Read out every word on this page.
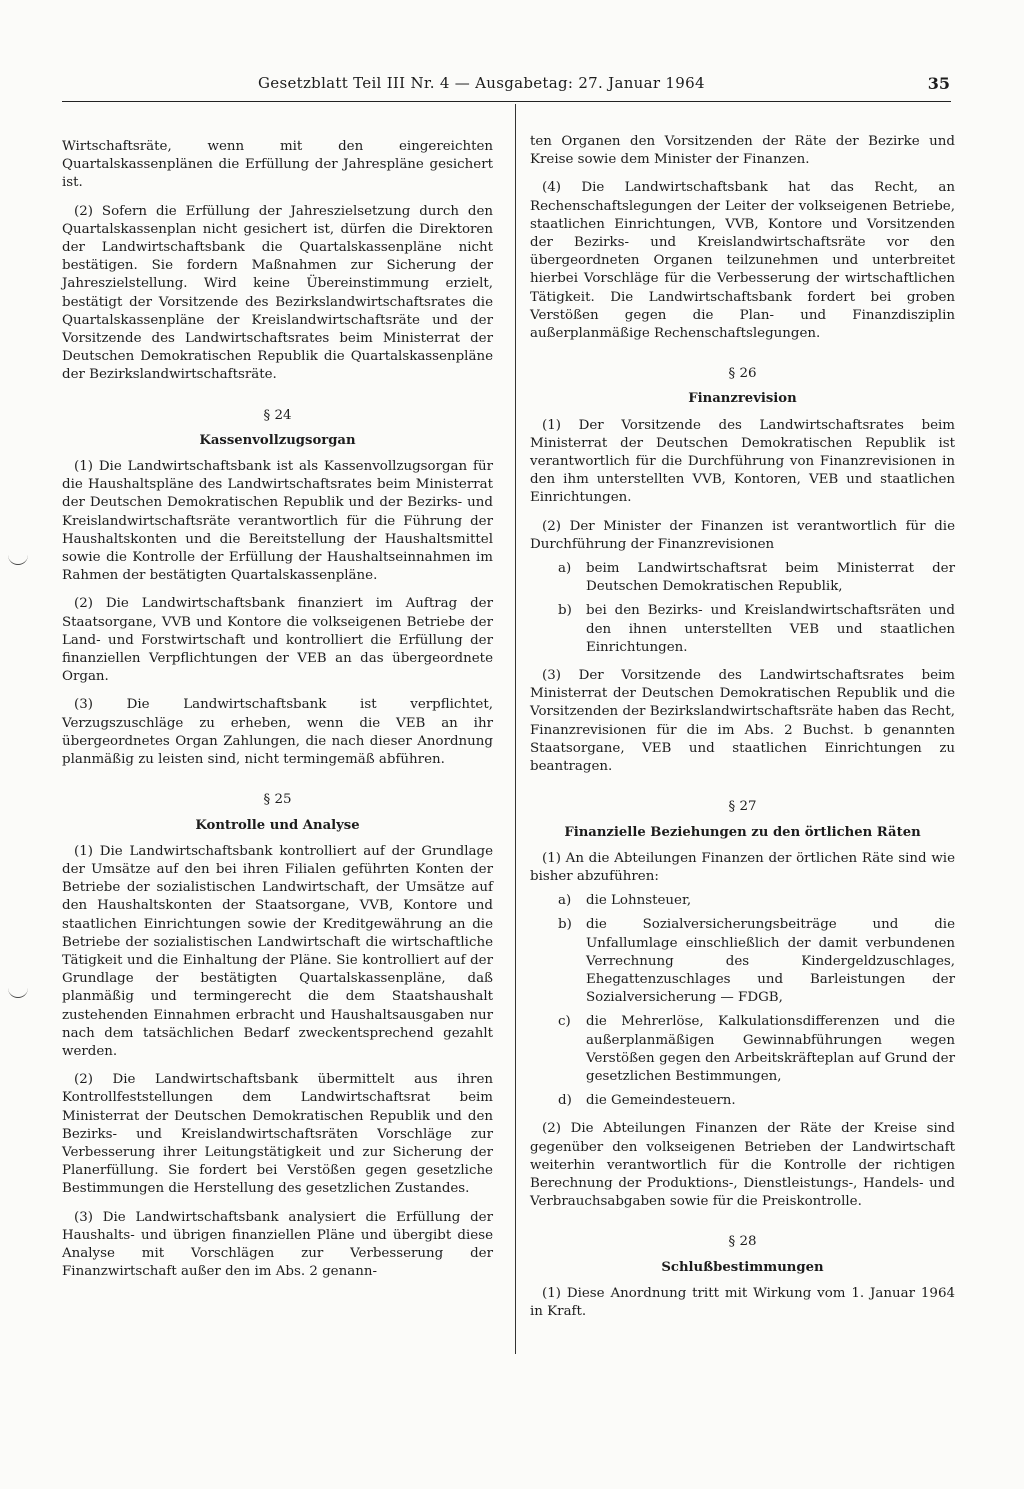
Gesetzblatt Teil III Nr. 4 — Ausgabetag: 27. Januar 1964	35

Wirtschaftsräte, wenn mit den eingereichten Quartalskassenplänen die Erfüllung der Jahrespläne gesichert ist.

(2) Sofern die Erfüllung der Jahreszielsetzung durch den Quartalskassenplan nicht gesichert ist, dürfen die Direktoren der Landwirtschaftsbank die Quartalskassenpläne nicht bestätigen. Sie fordern Maßnahmen zur Sicherung der Jahreszielstellung. Wird keine Übereinstimmung erzielt, bestätigt der Vorsitzende des Bezirkslandwirtschaftsrates die Quartalskassenpläne der Kreislandwirtschaftsräte und der Vorsitzende des Landwirtschaftsrates beim Ministerrat der Deutschen Demokratischen Republik die Quartalskassenpläne der Bezirkslandwirtschaftsräte.

§ 24
Kassenvollzugsorgan

(1) Die Landwirtschaftsbank ist als Kassenvollzugsorgan für die Haushaltspläne des Landwirtschaftsrates beim Ministerrat der Deutschen Demokratischen Republik und der Bezirks- und Kreislandwirtschaftsräte verantwortlich für die Führung der Haushaltskonten und die Bereitstellung der Haushaltsmittel sowie die Kontrolle der Erfüllung der Haushaltseinnahmen im Rahmen der bestätigten Quartalskassenpläne.

(2) Die Landwirtschaftsbank finanziert im Auftrag der Staatsorgane, VVB und Kontore die volkseigenen Betriebe der Land- und Forstwirtschaft und kontrolliert die Erfüllung der finanziellen Verpflichtungen der VEB an das übergeordnete Organ.

(3) Die Landwirtschaftsbank ist verpflichtet, Verzugszuschläge zu erheben, wenn die VEB an ihr übergeordnetes Organ Zahlungen, die nach dieser Anordnung planmäßig zu leisten sind, nicht termingemäß abführen.

§ 25
Kontrolle und Analyse

(1) Die Landwirtschaftsbank kontrolliert auf der Grundlage der Umsätze auf den bei ihren Filialen geführten Konten der Betriebe der sozialistischen Landwirtschaft, der Umsätze auf den Haushaltskonten der Staatsorgane, VVB, Kontore und staatlichen Einrichtungen sowie der Kreditgewährung an die Betriebe der sozialistischen Landwirtschaft die wirtschaftliche Tätigkeit und die Einhaltung der Pläne. Sie kontrolliert auf der Grundlage der bestätigten Quartalskassenpläne, daß planmäßig und termingerecht die dem Staatshaushalt zustehenden Einnahmen erbracht und Haushaltsausgaben nur nach dem tatsächlichen Bedarf zweckentsprechend gezahlt werden.

(2) Die Landwirtschaftsbank übermittelt aus ihren Kontrollfeststellungen dem Landwirtschaftsrat beim Ministerrat der Deutschen Demokratischen Republik und den Bezirks- und Kreislandwirtschaftsräten Vorschläge zur Verbesserung ihrer Leitungstätigkeit und zur Sicherung der Planerfüllung. Sie fordert bei Verstößen gegen gesetzliche Bestimmungen die Herstellung des gesetzlichen Zustandes.

(3) Die Landwirtschaftsbank analysiert die Erfüllung der Haushalts- und übrigen finanziellen Pläne und übergibt diese Analyse mit Vorschlägen zur Verbesserung der Finanzwirtschaft außer den im Abs. 2 genann-

ten Organen den Vorsitzenden der Räte der Bezirke und Kreise sowie dem Minister der Finanzen.

(4) Die Landwirtschaftsbank hat das Recht, an Rechenschaftslegungen der Leiter der volkseigenen Betriebe, staatlichen Einrichtungen, VVB, Kontore und Vorsitzenden der Bezirks- und Kreislandwirtschaftsräte vor den übergeordneten Organen teilzunehmen und unterbreitet hierbei Vorschläge für die Verbesserung der wirtschaftlichen Tätigkeit. Die Landwirtschaftsbank fordert bei groben Verstößen gegen die Plan- und Finanzdisziplin außerplanmäßige Rechenschaftslegungen.

§ 26
Finanzrevision

(1) Der Vorsitzende des Landwirtschaftsrates beim Ministerrat der Deutschen Demokratischen Republik ist verantwortlich für die Durchführung von Finanzrevisionen in den ihm unterstellten VVB, Kontoren, VEB und staatlichen Einrichtungen.

(2) Der Minister der Finanzen ist verantwortlich für die Durchführung der Finanzrevisionen

a)	beim Landwirtschaftsrat beim Ministerrat der Deutschen Demokratischen Republik,
b)	bei den Bezirks- und Kreislandwirtschaftsräten und den ihnen unterstellten VEB und staatlichen Einrichtungen.

(3) Der Vorsitzende des Landwirtschaftsrates beim Ministerrat der Deutschen Demokratischen Republik und die Vorsitzenden der Bezirkslandwirtschaftsräte haben das Recht, Finanzrevisionen für die im Abs. 2 Buchst. b genannten Staatsorgane, VEB und staatlichen Einrichtungen zu beantragen.

§ 27
Finanzielle Beziehungen zu den örtlichen Räten

(1) An die Abteilungen Finanzen der örtlichen Räte sind wie bisher abzuführen:

a)	die Lohnsteuer,
b)	die Sozialversicherungsbeiträge und die Unfallumlage einschließlich der damit verbundenen Verrechnung des Kindergeldzuschlages, Ehegattenzuschlages und Barleistungen der Sozialversicherung — FDGB,
c)	die Mehrerlöse, Kalkulationsdifferenzen und die außerplanmäßigen Gewinnabführungen wegen Verstößen gegen den Arbeitskräfteplan auf Grund der gesetzlichen Bestimmungen,
d)	die Gemeindesteuern.

(2) Die Abteilungen Finanzen der Räte der Kreise sind gegenüber den volkseigenen Betrieben der Landwirtschaft weiterhin verantwortlich für die Kontrolle der richtigen Berechnung der Produktions-, Dienstleistungs-, Handels- und Verbrauchsabgaben sowie für die Preiskontrolle.

§ 28
Schlußbestimmungen

(1) Diese Anordnung tritt mit Wirkung vom 1. Januar 1964 in Kraft.
